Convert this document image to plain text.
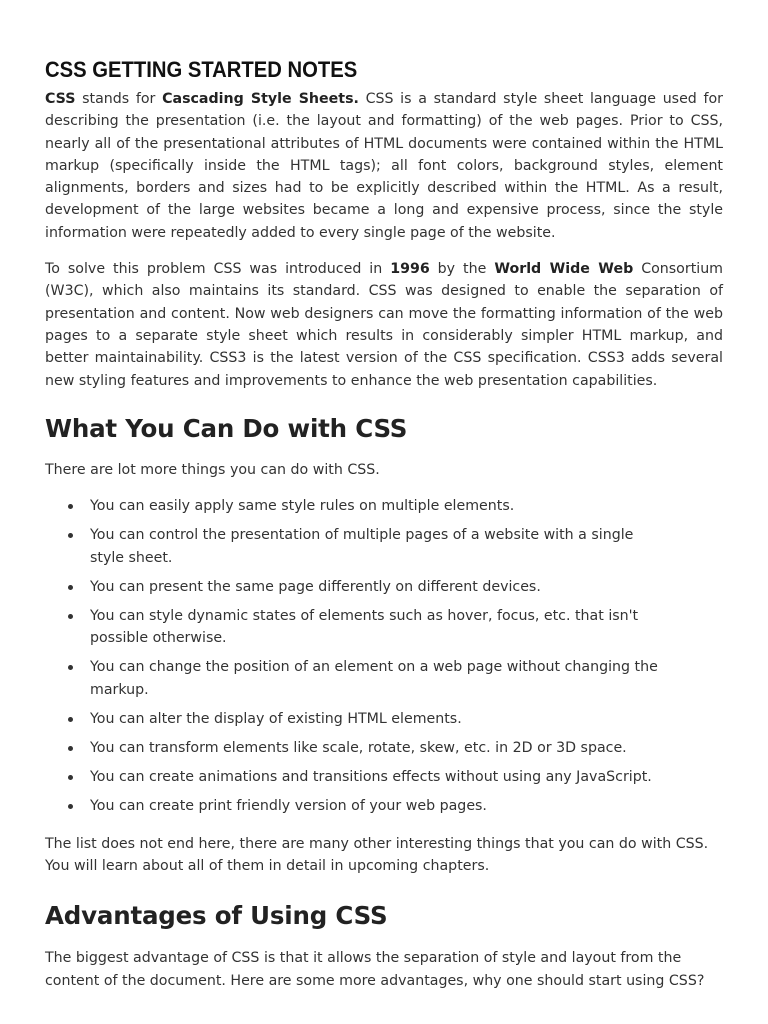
CSS GETTING STARTED NOTES

CSS stands for Cascading Style Sheets. CSS is a standard style sheet language used for describing the presentation (i.e. the layout and formatting) of the web pages. Prior to CSS, nearly all of the presentational attributes of HTML documents were contained within the HTML markup (specifically inside the HTML tags); all font colors, background styles, element alignments, borders and sizes had to be explicitly described within the HTML. As a result, development of the large websites became a long and expensive process, since the style information were repeatedly added to every single page of the website.

To solve this problem CSS was introduced in 1996 by the World Wide Web Consortium (W3C), which also maintains its standard. CSS was designed to enable the separation of presentation and content. Now web designers can move the formatting information of the web pages to a separate style sheet which results in considerably simpler HTML markup, and better maintainability. CSS3 is the latest version of the CSS specification. CSS3 adds several new styling features and improvements to enhance the web presentation capabilities.

What You Can Do with CSS

There are lot more things you can do with CSS.

You can easily apply same style rules on multiple elements.
You can control the presentation of multiple pages of a website with a single style sheet.
You can present the same page differently on different devices.
You can style dynamic states of elements such as hover, focus, etc. that isn't possible otherwise.
You can change the position of an element on a web page without changing the markup.
You can alter the display of existing HTML elements.
You can transform elements like scale, rotate, skew, etc. in 2D or 3D space.
You can create animations and transitions effects without using any JavaScript.
You can create print friendly version of your web pages.

The list does not end here, there are many other interesting things that you can do with CSS. You will learn about all of them in detail in upcoming chapters.

Advantages of Using CSS

The biggest advantage of CSS is that it allows the separation of style and layout from the content of the document. Here are some more advantages, why one should start using CSS?
